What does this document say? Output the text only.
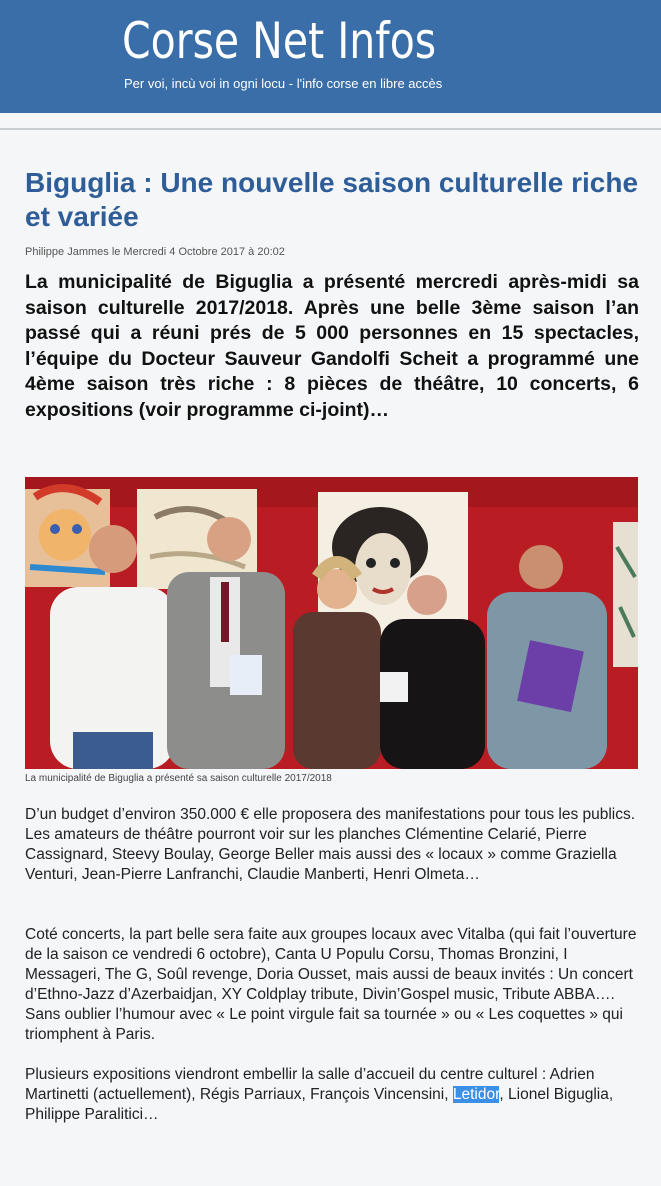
Corse Net Infos
Per voi, incù voi in ogni locu - l'info corse en libre accès
Biguglia : Une nouvelle saison culturelle riche et variée
Philippe Jammes le Mercredi 4 Octobre 2017 à 20:02
La municipalité de Biguglia a présenté mercredi après-midi sa saison culturelle 2017/2018. Après une belle 3ème saison l’an passé qui a réuni prés de 5 000 personnes en 15 spectacles, l’équipe du Docteur Sauveur Gandolfi Scheit a programmé une 4ème saison très riche : 8 pièces de théâtre, 10 concerts, 6 expositions (voir programme ci-joint)…
La municipalité de Biguglia a présenté sa saison culturelle 2017/2018

D’un budget d’environ 350.000 € elle proposera des manifestations pour tous les publics.

Les amateurs de théâtre pourront voir sur les planches Clémentine Celarié, Pierre Cassignard, Steevy Boulay, George Beller mais aussi des « locaux » comme Graziella Venturi, Jean-Pierre Lanfranchi, Claudie Manberti, Henri Olmeta…

Coté concerts, la part belle sera faite aux groupes locaux avec Vitalba (qui fait l’ouverture de la saison ce vendredi 6 octobre), Canta U Populu Corsu, Thomas Bronzini, I Messageri, The G, Soûl revenge, Doria Ousset, mais aussi de beaux invités : Un concert d’Ethno-Jazz d’Azerbaidjan, XY Coldplay tribute, Divin’Gospel music, Tribute ABBA…. Sans oublier l’humour avec « Le point virgule fait sa tournée » ou « Les coquettes » qui triomphent à Paris.

Plusieurs expositions viendront embellir la salle d’accueil du centre culturel : Adrien Martinetti (actuellement), Régis Parriaux, François Vincensini, Letidor, Lionel Biguglia, Philippe Paralitici…
